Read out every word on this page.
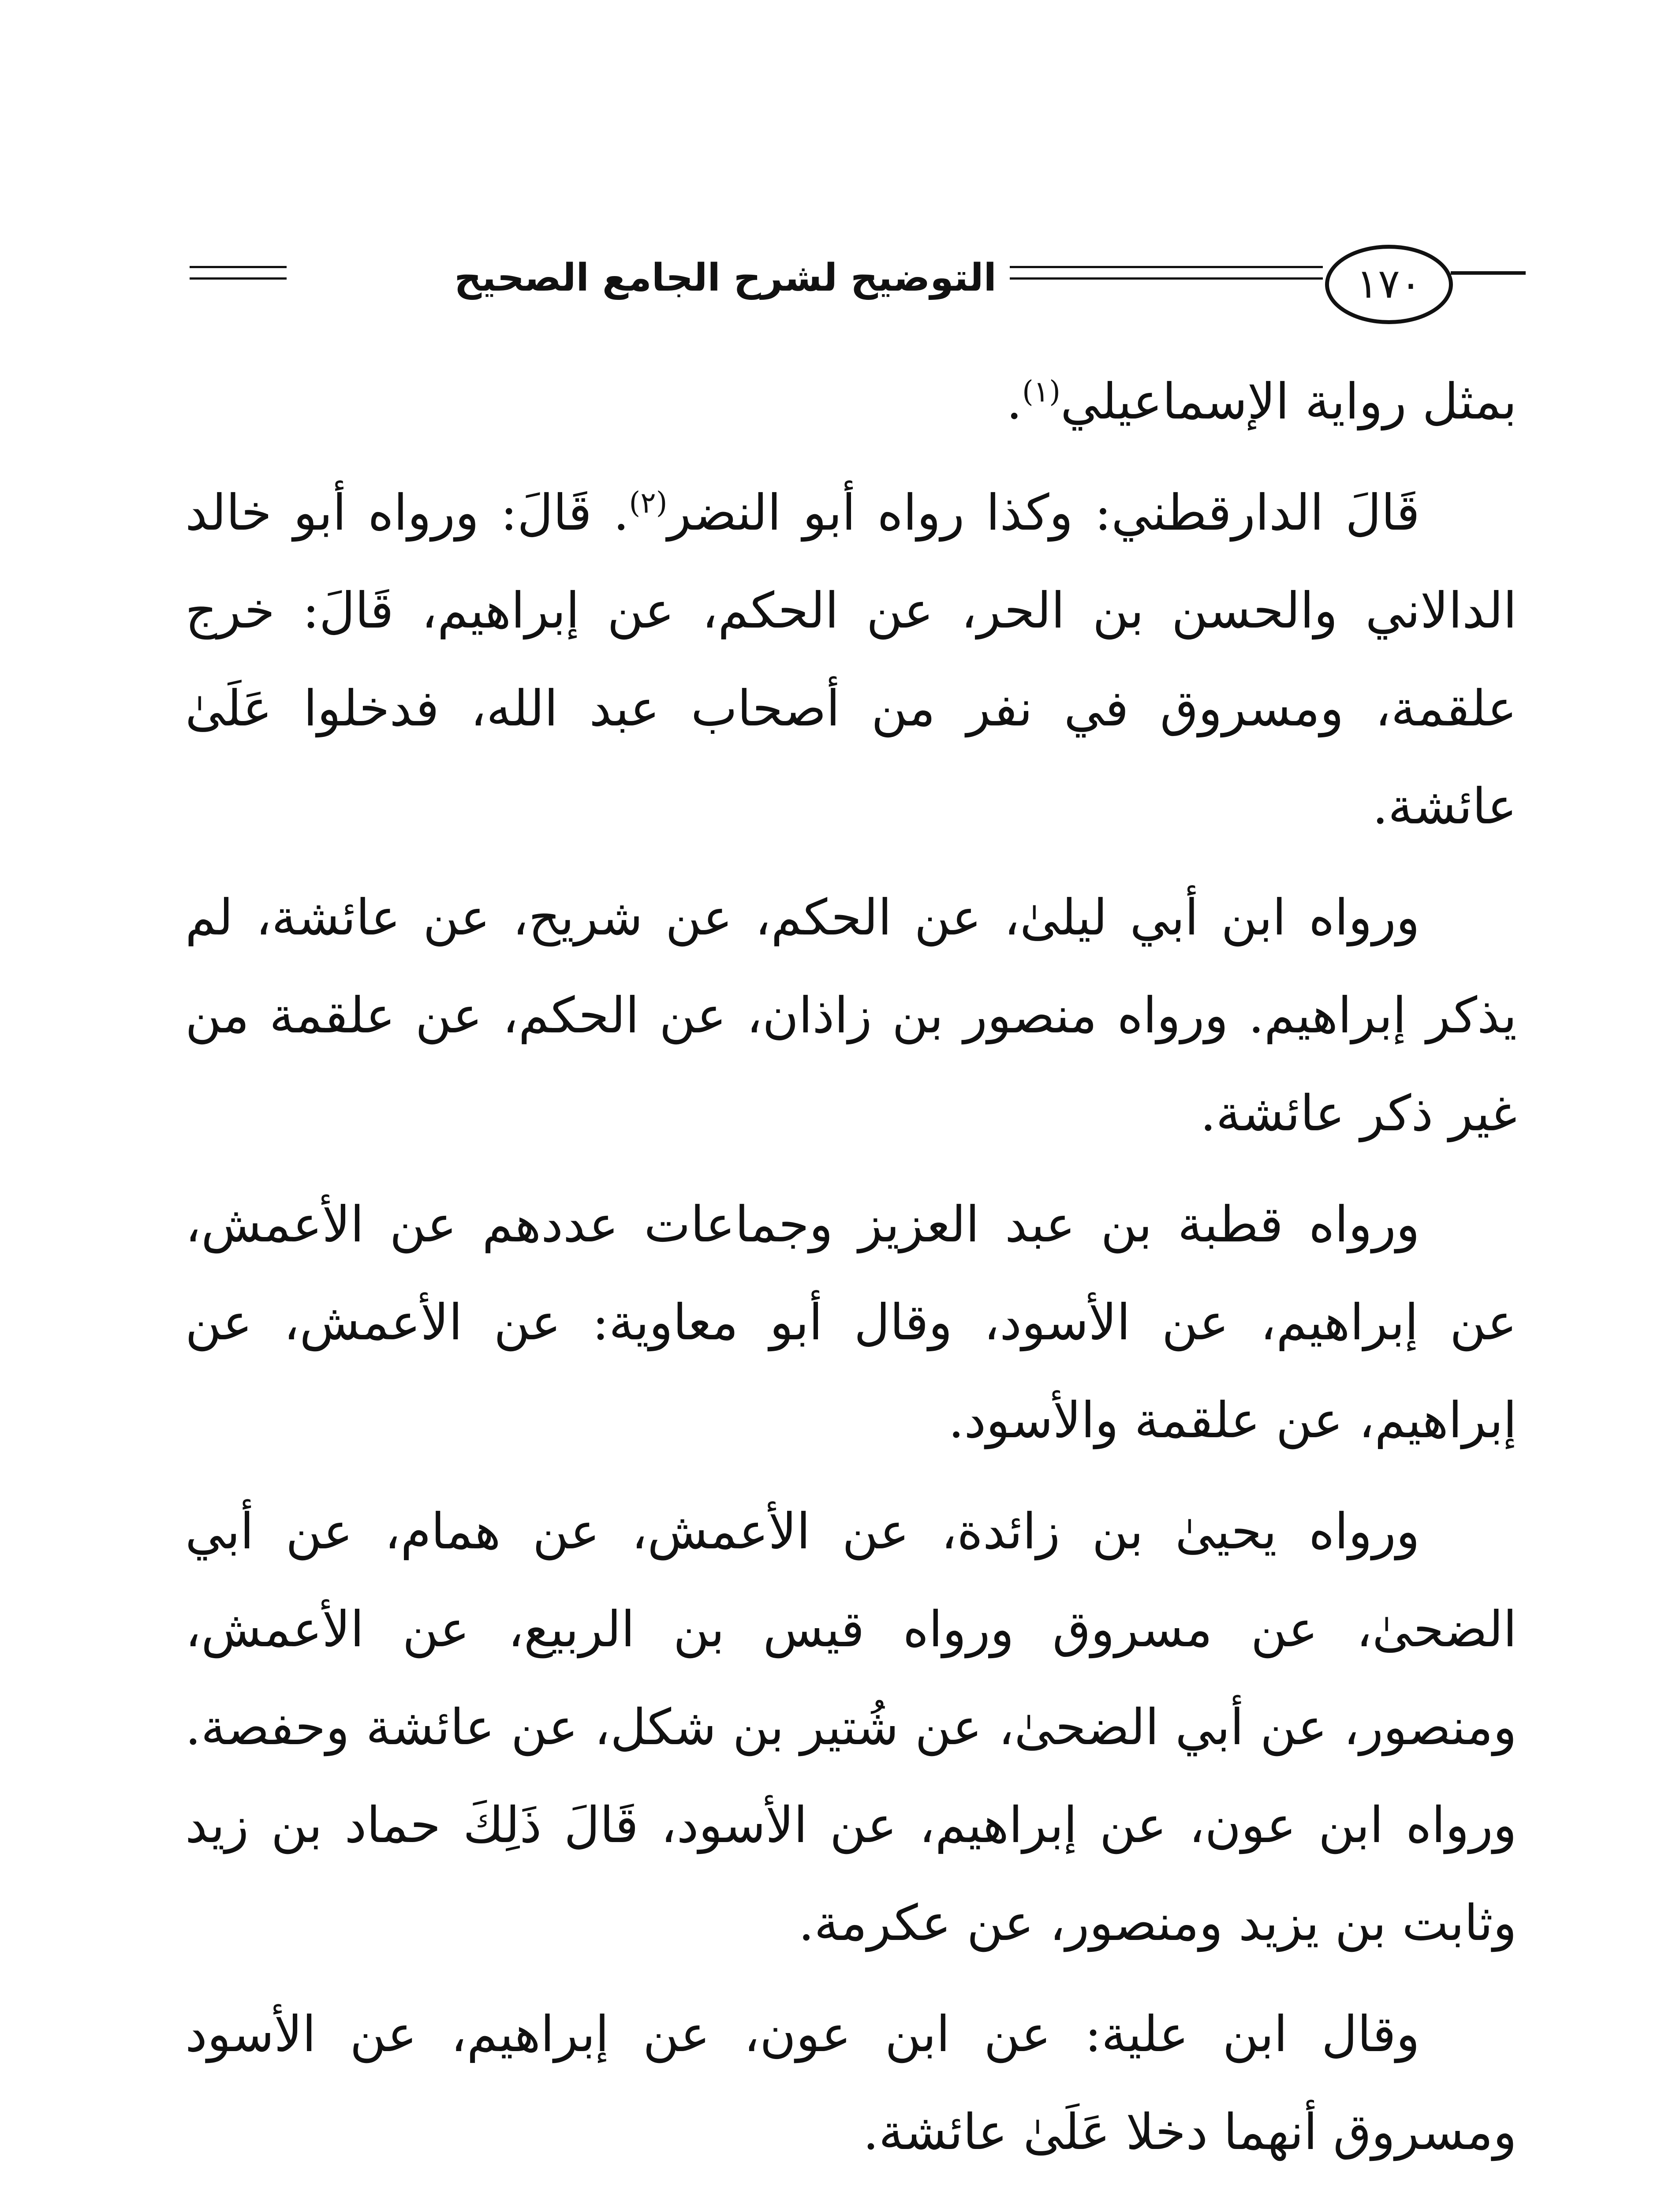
التوضيح لشرح الجامع الصحيح	١٧٠

بمثل رواية الإسماعيلي$^{(١)}$.

قَالَ الدارقطني: وكذا رواه أبو النضر$^{(٢)}$. قَالَ: ورواه أبو خالد الدالاني والحسن بن الحر، عن الحكم، عن إبراهيم، قَالَ: خرج علقمة، ومسروق في نفر من أصحاب عبد الله، فدخلوا عَلَىٰ عائشة.

ورواه ابن أبي ليلىٰ، عن الحكم، عن شريح، عن عائشة، لم يذكر إبراهيم. ورواه منصور بن زاذان، عن الحكم، عن علقمة من غير ذكر عائشة.

ورواه قطبة بن عبد العزيز وجماعات عددهم عن الأعمش، عن إبراهيم، عن الأسود، وقال أبو معاوية: عن الأعمش، عن إبراهيم، عن علقمة والأسود.

ورواه يحيىٰ بن زائدة، عن الأعمش، عن همام، عن أبي الضحىٰ، عن مسروق ورواه قيس بن الربيع، عن الأعمش، ومنصور، عن أبي الضحىٰ، عن شُتير بن شكل، عن عائشة وحفصة. ورواه ابن عون، عن إبراهيم، عن الأسود، قَالَ ذَلِكَ حماد بن زيد وثابت بن يزيد ومنصور، عن عكرمة.

وقال ابن علية: عن ابن عون، عن إبراهيم، عن الأسود ومسروق أنهما دخلا عَلَىٰ عائشة.
